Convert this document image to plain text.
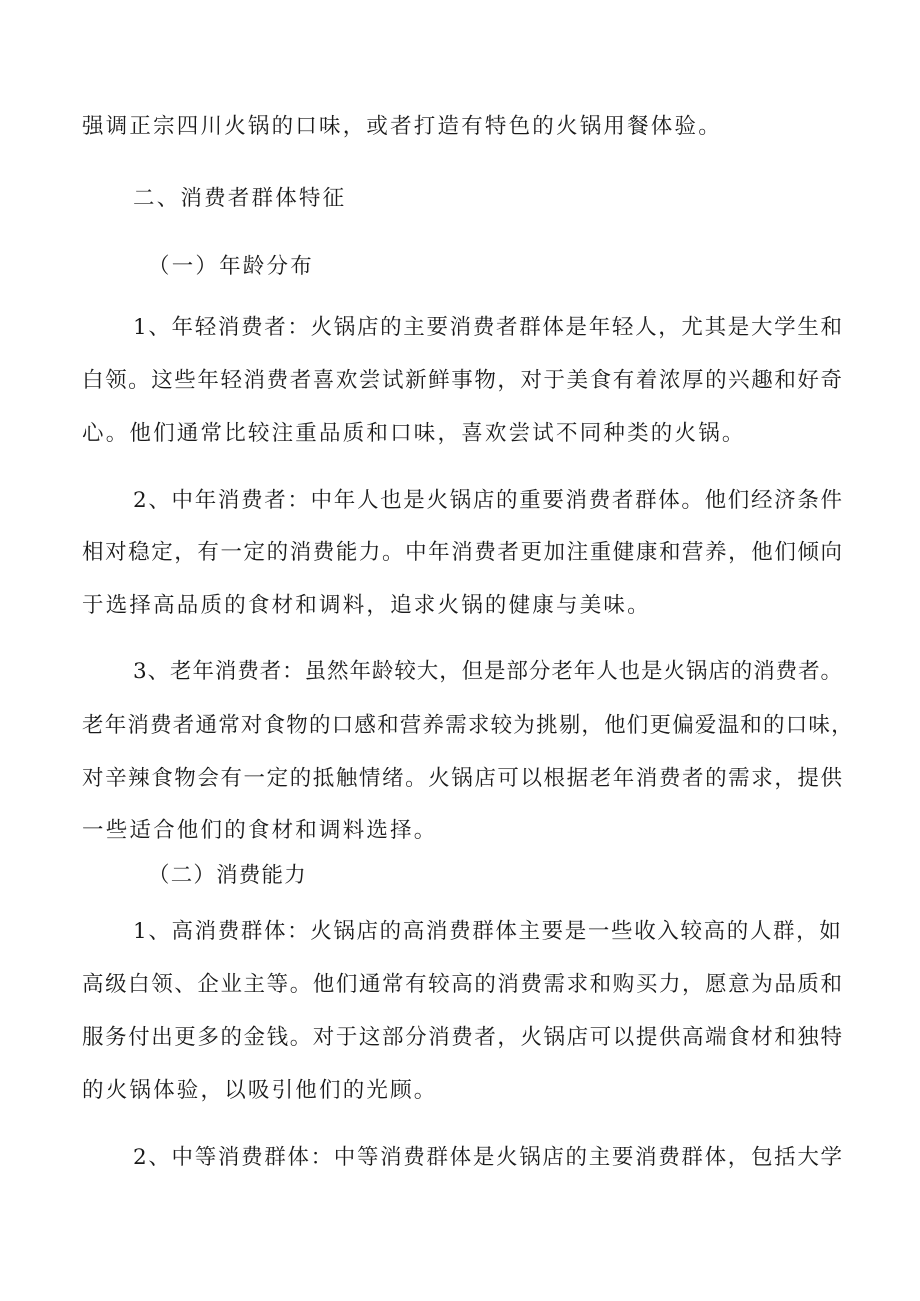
强调正宗四川火锅的口味，或者打造有特色的火锅用餐体验。
二、消费者群体特征
（一）年龄分布
1、年轻消费者：火锅店的主要消费者群体是年轻人，尤其是大学生和
白领。这些年轻消费者喜欢尝试新鲜事物，对于美食有着浓厚的兴趣和好奇
心。他们通常比较注重品质和口味，喜欢尝试不同种类的火锅。
2、中年消费者：中年人也是火锅店的重要消费者群体。他们经济条件
相对稳定，有一定的消费能力。中年消费者更加注重健康和营养，他们倾向
于选择高品质的食材和调料，追求火锅的健康与美味。
3、老年消费者：虽然年龄较大，但是部分老年人也是火锅店的消费者。
老年消费者通常对食物的口感和营养需求较为挑剔，他们更偏爱温和的口味，
对辛辣食物会有一定的抵触情绪。火锅店可以根据老年消费者的需求，提供
一些适合他们的食材和调料选择。
（二）消费能力
1、高消费群体：火锅店的高消费群体主要是一些收入较高的人群，如
高级白领、企业主等。他们通常有较高的消费需求和购买力，愿意为品质和
服务付出更多的金钱。对于这部分消费者，火锅店可以提供高端食材和独特
的火锅体验，以吸引他们的光顾。
2、中等消费群体：中等消费群体是火锅店的主要消费群体，包括大学
